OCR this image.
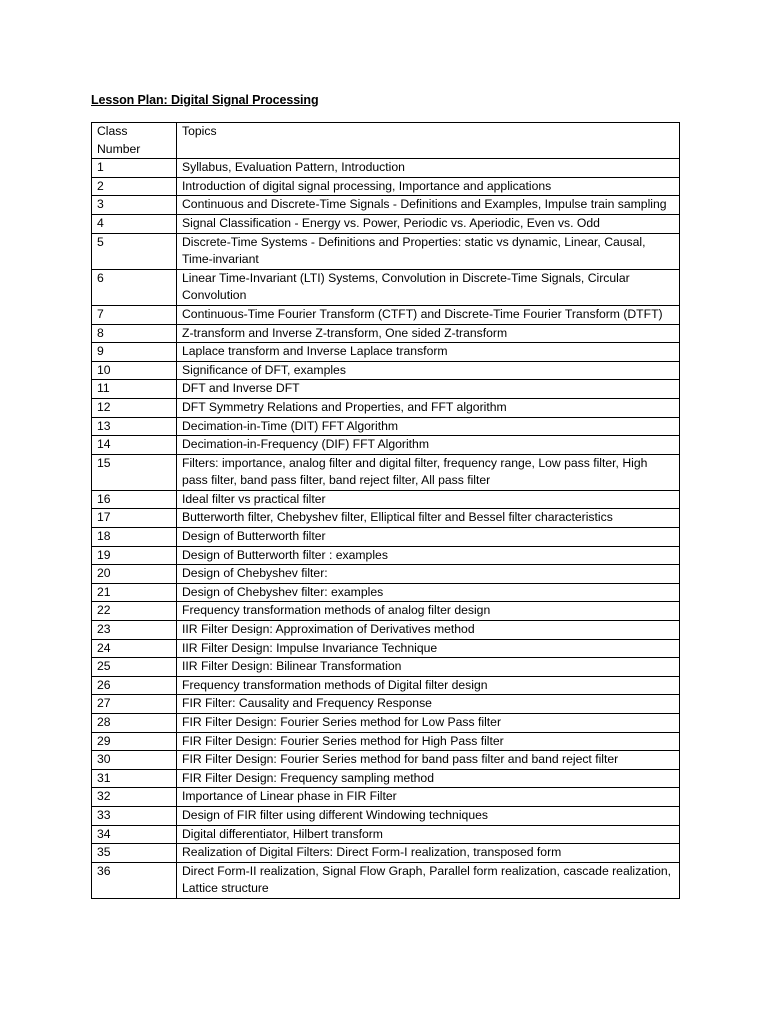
Lesson Plan: Digital Signal Processing
Class Number	Topics
1	Syllabus, Evaluation Pattern, Introduction
2	Introduction of digital signal processing, Importance and applications
3	Continuous and Discrete-Time Signals - Definitions and Examples, Impulse train sampling
4	Signal Classification - Energy vs. Power, Periodic vs. Aperiodic, Even vs. Odd
5	Discrete-Time Systems - Definitions and Properties: static vs dynamic, Linear, Causal, Time-invariant
6	Linear Time-Invariant (LTI) Systems, Convolution in Discrete-Time Signals, Circular Convolution
7	Continuous-Time Fourier Transform (CTFT) and Discrete-Time Fourier Transform (DTFT)
8	Z-transform and Inverse Z-transform, One sided Z-transform
9	Laplace transform and Inverse Laplace transform
10	Significance of DFT, examples
11	DFT and Inverse DFT
12	DFT Symmetry Relations and Properties, and FFT algorithm
13	Decimation-in-Time (DIT) FFT Algorithm
14	Decimation-in-Frequency (DIF) FFT Algorithm
15	Filters: importance, analog filter and digital filter, frequency range, Low pass filter, High pass filter, band pass filter, band reject filter, All pass filter
16	Ideal filter vs practical filter
17	Butterworth filter, Chebyshev filter, Elliptical filter and Bessel filter characteristics
18	Design of Butterworth filter
19	Design of Butterworth filter : examples
20	Design of Chebyshev filter:
21	Design of Chebyshev filter: examples
22	Frequency transformation methods of analog filter design
23	IIR Filter Design: Approximation of Derivatives method
24	IIR Filter Design: Impulse Invariance Technique
25	IIR Filter Design: Bilinear Transformation
26	Frequency transformation methods of Digital filter design
27	FIR Filter: Causality and Frequency Response
28	FIR Filter Design: Fourier Series method for Low Pass filter
29	FIR Filter Design: Fourier Series method for High Pass filter
30	FIR Filter Design: Fourier Series method for band pass filter and band reject filter
31	FIR Filter Design: Frequency sampling method
32	Importance of Linear phase in FIR Filter
33	Design of FIR filter using different Windowing techniques
34	Digital differentiator, Hilbert transform
35	Realization of Digital Filters: Direct Form-I realization, transposed form
36	Direct Form-II realization, Signal Flow Graph, Parallel form realization, cascade realization, Lattice structure
